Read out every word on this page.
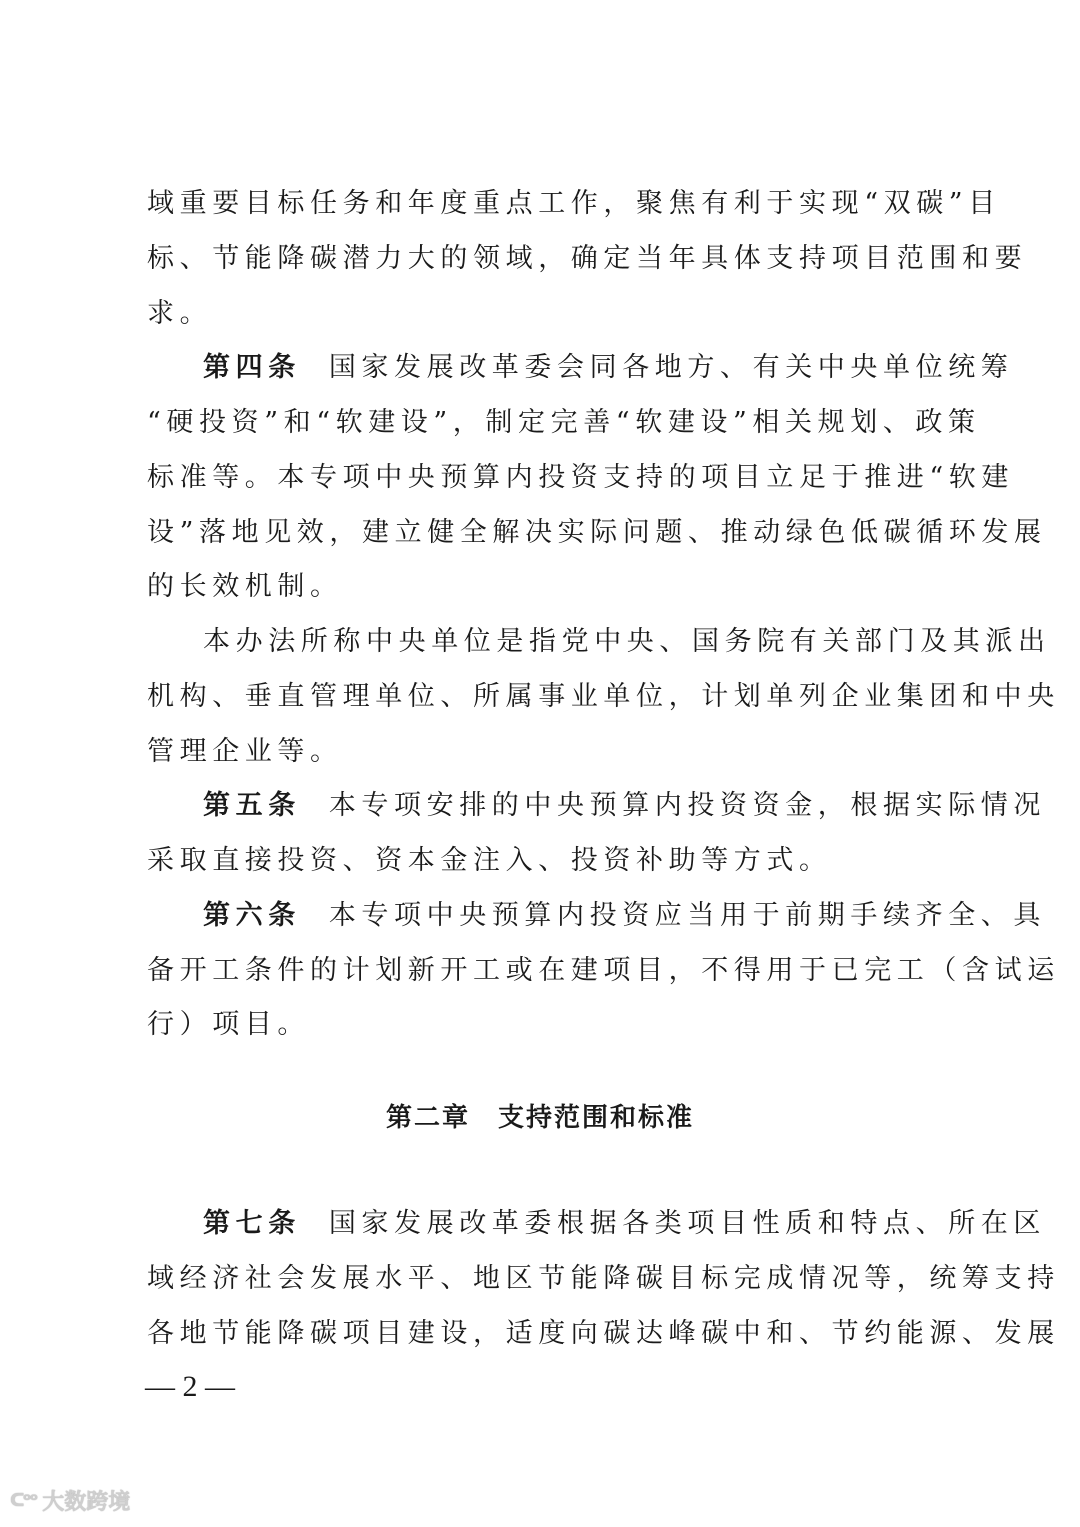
域重要目标任务和年度重点工作，聚焦有利于实现“双碳”目
标、节能降碳潜力大的领域，确定当年具体支持项目范围和要
求。
第四条 国家发展改革委会同各地方、有关中央单位统筹
“硬投资”和“软建设”，制定完善“软建设”相关规划、政策
标准等。本专项中央预算内投资支持的项目立足于推进“软建
设”落地见效，建立健全解决实际问题、推动绿色低碳循环发展
的长效机制。
本办法所称中央单位是指党中央、国务院有关部门及其派出
机构、垂直管理单位、所属事业单位，计划单列企业集团和中央
管理企业等。
第五条 本专项安排的中央预算内投资资金，根据实际情况
采取直接投资、资本金注入、投资补助等方式。
第六条 本专项中央预算内投资应当用于前期手续齐全、具
备开工条件的计划新开工或在建项目，不得用于已完工（含试运
行）项目。
第二章 支持范围和标准
第七条 国家发展改革委根据各类项目性质和特点、所在区
域经济社会发展水平、地区节能降碳目标完成情况等，统筹支持
各地节能降碳项目建设，适度向碳达峰碳中和、节约能源、发展
— 2 —
ᑕᵒᵒ 大数跨境
